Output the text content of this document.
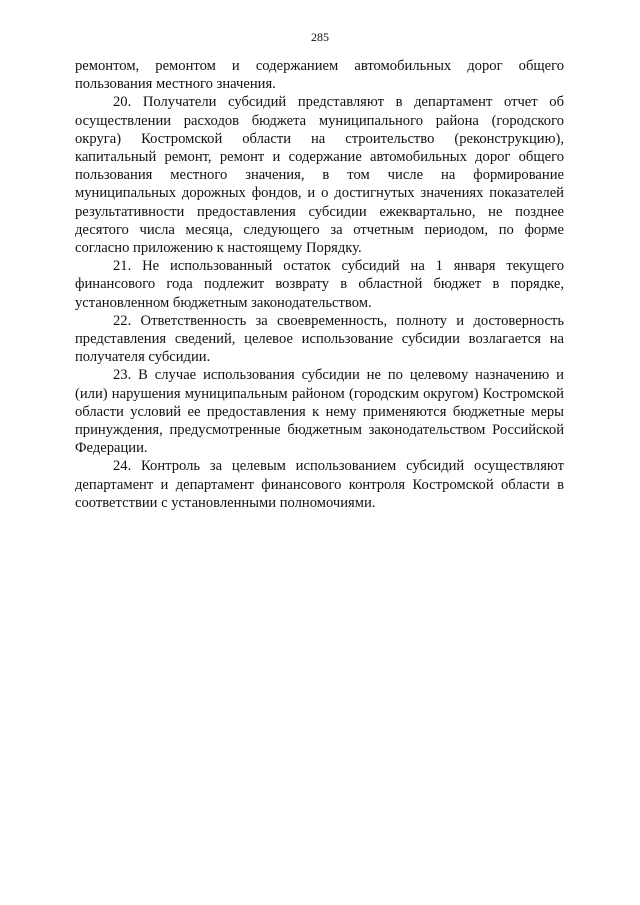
285

ремонтом, ремонтом и содержанием автомобильных дорог общего пользования местного значения.

20. Получатели субсидий представляют в департамент отчет об осуществлении расходов бюджета муниципального района (городского округа) Костромской области на строительство (реконструкцию), капитальный ремонт, ремонт и содержание автомобильных дорог общего пользования местного значения, в том числе на формирование муниципальных дорожных фондов, и о достигнутых значениях показателей результативности предоставления субсидии ежеквартально, не позднее десятого числа месяца, следующего за отчетным периодом, по форме согласно приложению к настоящему Порядку.

21. Не использованный остаток субсидий на 1 января текущего финансового года подлежит возврату в областной бюджет в порядке, установленном бюджетным законодательством.

22. Ответственность за своевременность, полноту и достоверность представления сведений, целевое использование субсидии возлагается на получателя субсидии.

23. В случае использования субсидии не по целевому назначению и (или) нарушения муниципальным районом (городским округом) Костромской области условий ее предоставления к нему применяются бюджетные меры принуждения, предусмотренные бюджетным законодательством Российской Федерации.

24. Контроль за целевым использованием субсидий осуществляют департамент и департамент финансового контроля Костромской области в соответствии с установленными полномочиями.
